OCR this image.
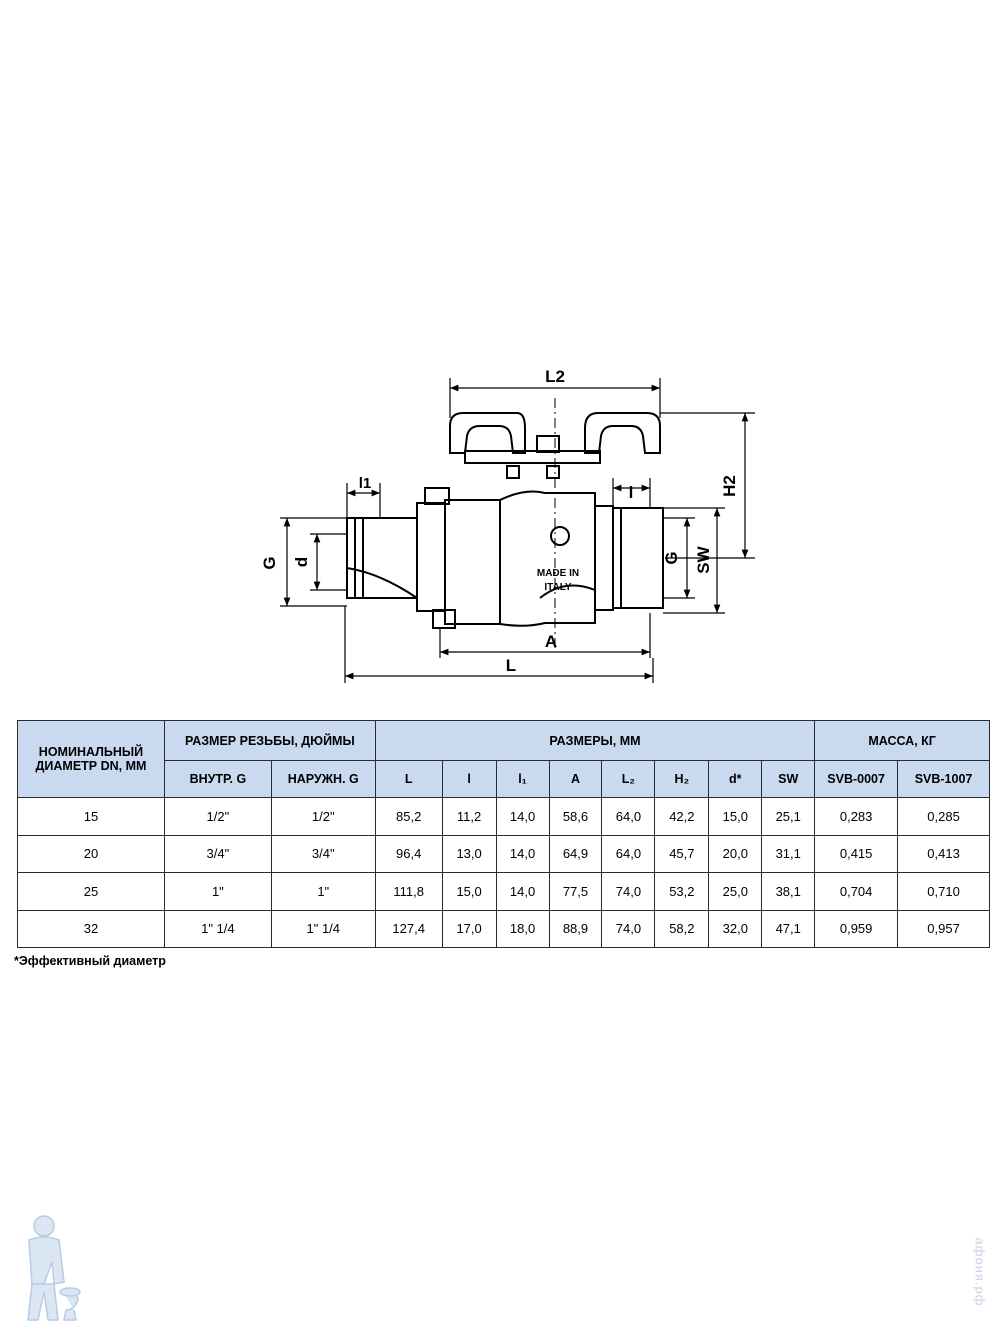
L2
l1	l	H2
G d	G SW
A
L
MADE IN
ITALY
НОМИНАЛЬНЫЙ ДИАМЕТР DN, ММ	РАЗМЕР РЕЗЬБЫ, ДЮЙМЫ		РАЗМЕРЫ, ММ								МАССА, КГ	
	ВНУТР. G	НАРУЖН. G	L	l	l₁	A	L₂	H₂	d*	SW	SVB-0007	SVB-1007
15	1/2"	1/2"	85,2	11,2	14,0	58,6	64,0	42,2	15,0	25,1	0,283	0,285
20	3/4"	3/4"	96,4	13,0	14,0	64,9	64,0	45,7	20,0	31,1	0,415	0,413
25	1"	1"	111,8	15,0	14,0	77,5	74,0	53,2	25,0	38,1	0,704	0,710
32	1" 1/4	1" 1/4	127,4	17,0	18,0	88,9	74,0	58,2	32,0	47,1	0,959	0,957
*Эффективный диаметр
афоня.рф
